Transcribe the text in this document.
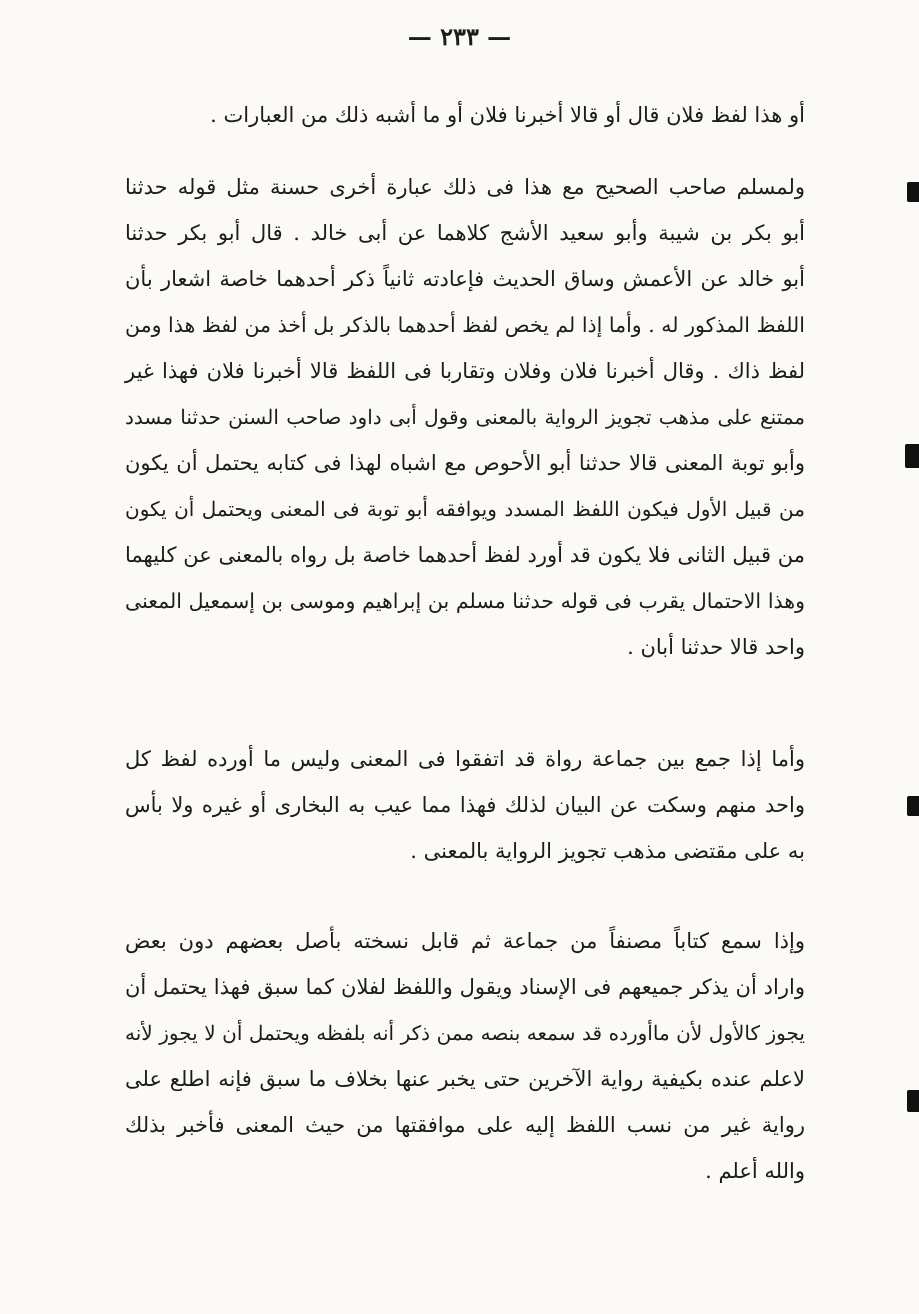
— ٢٣٣ —
أو هذا لفظ فلان قال أو قالا أخبرنا فلان أو ما أشبه ذلك من العبارات .
ولمسلم صاحب الصحيح مع هذا فى ذلك عبارة أخرى حسنة مثل قوله حدثنا
أبو بكر بن شيبة وأبو سعيد الأشج كلاهما عن أبى خالد . قال أبو بكر حدثنا
أبو خالد عن الأعمش وساق الحديث فإعادته ثانياً ذكر أحدهما خاصة اشعار بأن
اللفظ المذكور له . وأما إذا لم يخص لفظ أحدهما بالذكر بل أخذ من لفظ هذا ومن
لفظ ذاك . وقال أخبرنا فلان وفلان وتقاربا فى اللفظ قالا أخبرنا فلان فهذا غير
ممتنع على مذهب تجويز الرواية بالمعنى وقول أبى داود صاحب السنن حدثنا مسدد
وأبو توبة المعنى قالا حدثنا أبو الأحوص مع اشباه لهذا فى كتابه يحتمل أن يكون
من قبيل الأول فيكون اللفظ المسدد ويوافقه أبو توبة فى المعنى ويحتمل أن يكون
من قبيل الثانى فلا يكون قد أورد لفظ أحدهما خاصة بل رواه بالمعنى عن كليهما
وهذا الاحتمال يقرب فى قوله حدثنا مسلم بن إبراهيم وموسى بن إسمعيل المعنى
واحد قالا حدثنا أبان .
وأما إذا جمع بين جماعة رواة قد اتفقوا فى المعنى وليس ما أورده لفظ كل
واحد منهم وسكت عن البيان لذلك فهذا مما عيب به البخارى أو غيره ولا بأس
به على مقتضى مذهب تجويز الرواية بالمعنى .
وإذا سمع كتاباً مصنفاً من جماعة ثم قابل نسخته بأصل بعضهم دون بعض
واراد أن يذكر جميعهم فى الإسناد ويقول واللفظ لفلان كما سبق فهذا يحتمل أن
يجوز كالأول لأن ماأورده قد سمعه بنصه ممن ذكر أنه بلفظه ويحتمل أن لا يجوز لأنه
لاعلم عنده بكيفية رواية الآخرين حتى يخبر عنها بخلاف ما سبق فإنه اطلع على
رواية غير من نسب اللفظ إليه على موافقتها من حيث المعنى فأخبر بذلك
والله أعلم .
